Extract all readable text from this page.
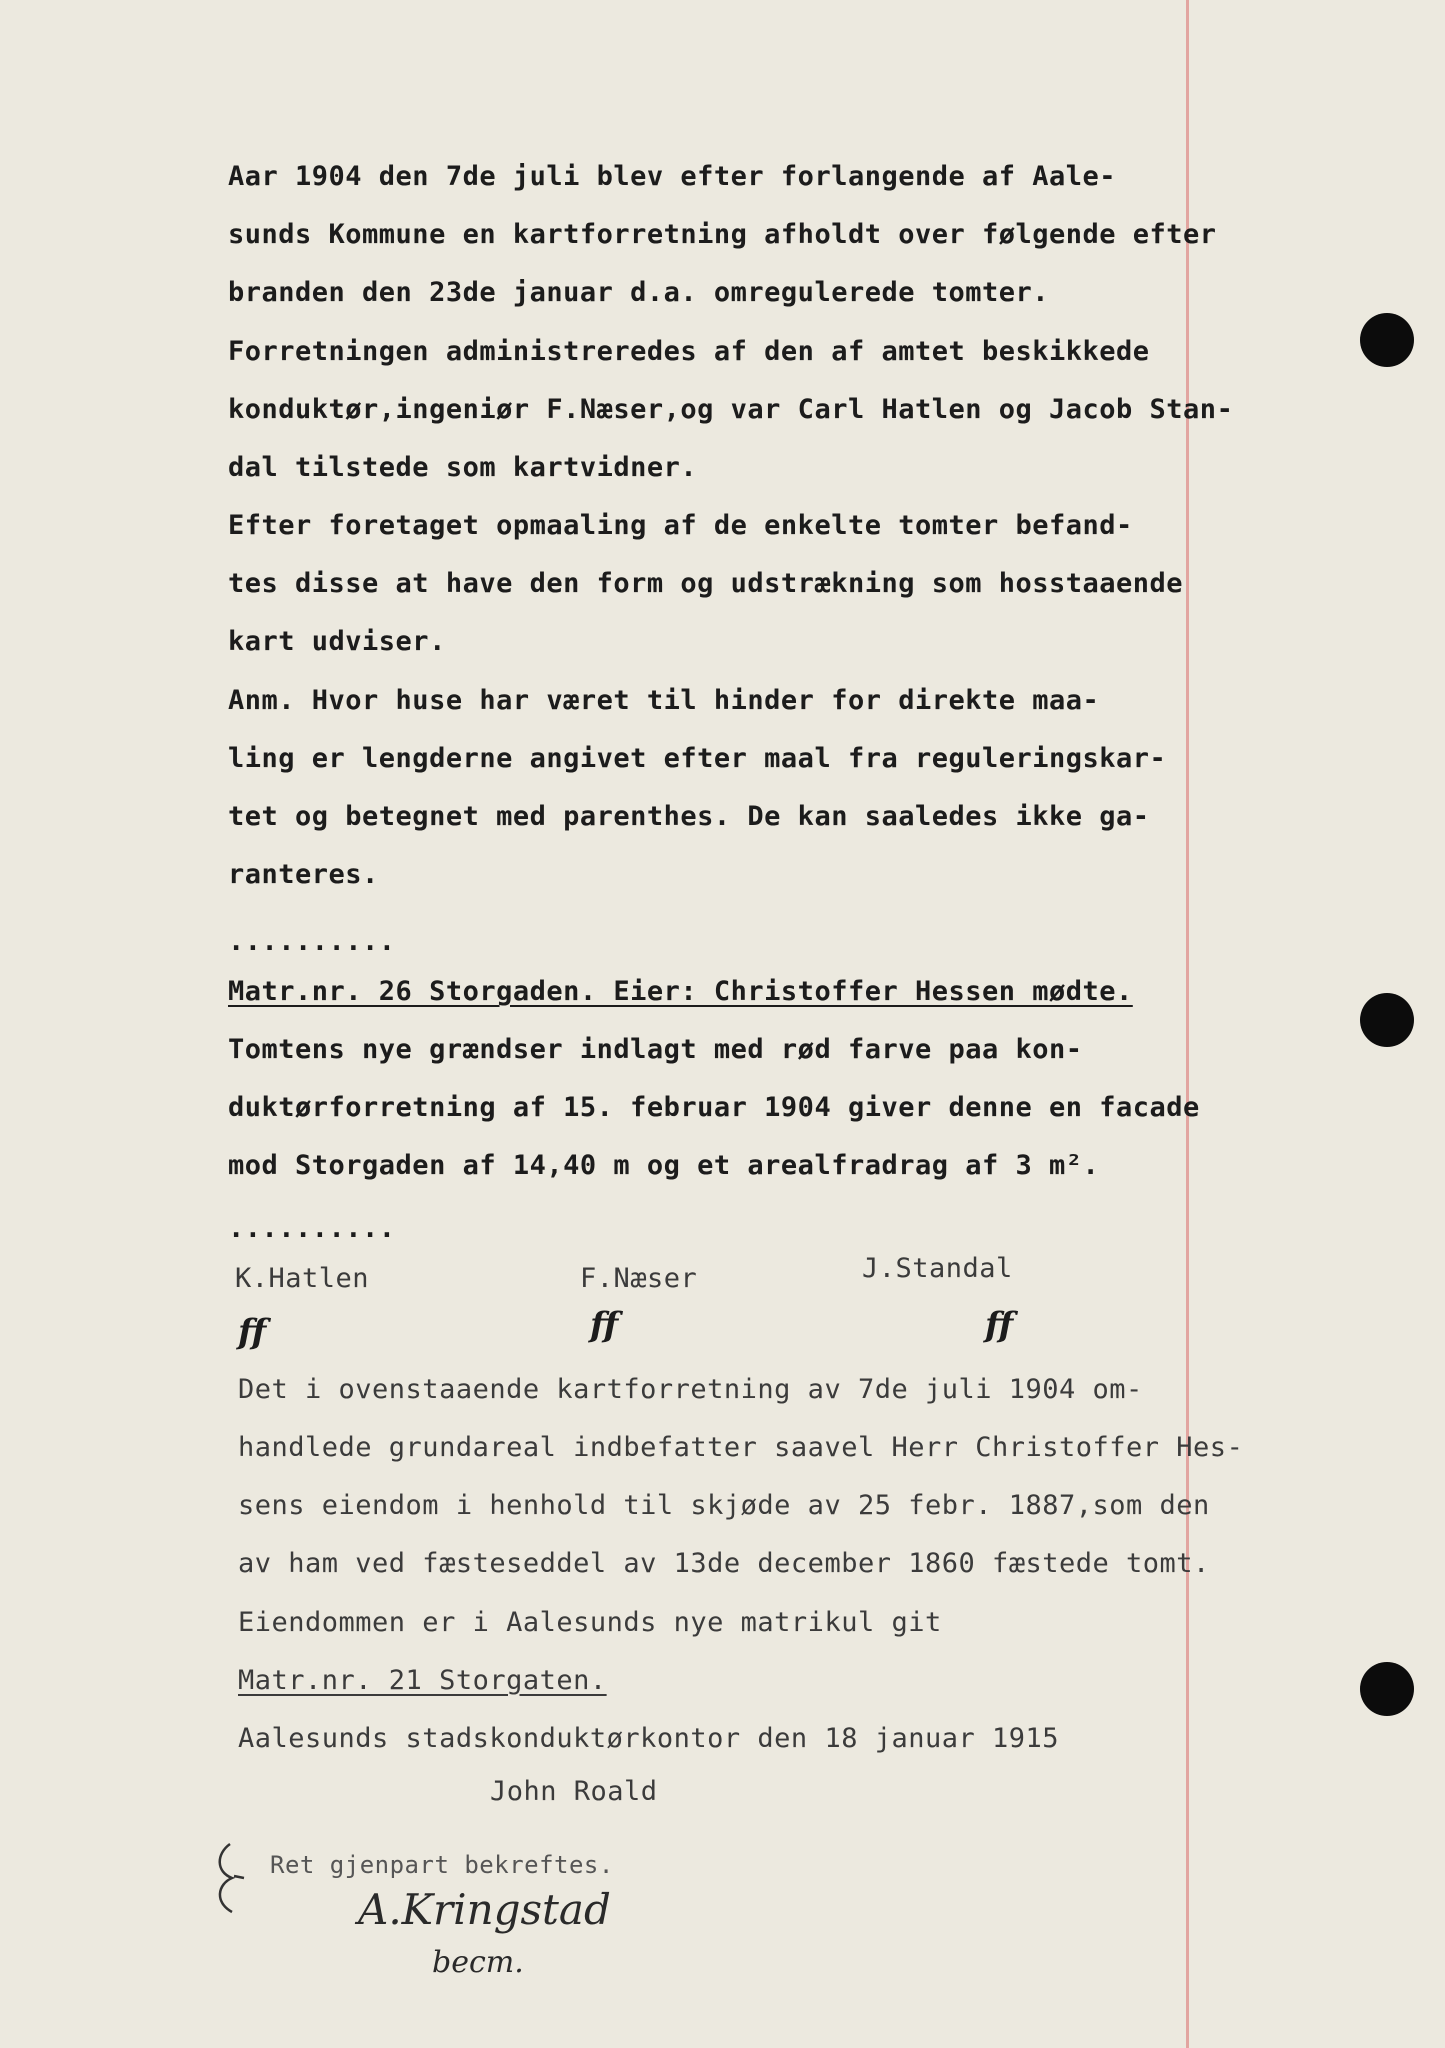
Aar 1904 den 7de juli blev efter forlangende af Aale-
sunds Kommune en kartforretning afholdt over følgende efter
branden den 23de januar d.a. omregulerede tomter.
Forretningen administreredes af den af amtet beskikkede
konduktør,ingeniør F.Næser,og var Carl Hatlen og Jacob Stan-
dal tilstede som kartvidner.
Efter foretaget opmaaling af de enkelte tomter befand-
tes disse at have den form og udstrækning som hosstaaende
kart udviser.
Anm. Hvor huse har været til hinder for direkte maa-
ling er lengderne angivet efter maal fra reguleringskar-
tet og betegnet med parenthes. De kan saaledes ikke ga-
ranteres.
..........
Matr.nr. 26 Storgaden. Eier: Christoffer Hessen mødte.
Tomtens nye grændser indlagt med rød farve paa kon-
duktørforretning af 15. februar 1904 giver denne en facade
mod Storgaden af 14,40 m og et arealfradrag af 3 m².
..........
K.Hatlen	F.Næser	J.Standal
ff	ff	ff
Det i ovenstaaende kartforretning av 7de juli 1904 om-
handlede grundareal indbefatter saavel Herr Christoffer Hes-
sens eiendom i henhold til skjøde av 25 febr. 1887,som den
av ham ved fæsteseddel av 13de december 1860 fæstede tomt.
Eiendommen er i Aalesunds nye matrikul git
Matr.nr. 21 Storgaten.
Aalesunds stadskonduktørkontor den 18 januar 1915
John Roald
Ret gjenpart bekreftes.
A.Kringstad
becm.
